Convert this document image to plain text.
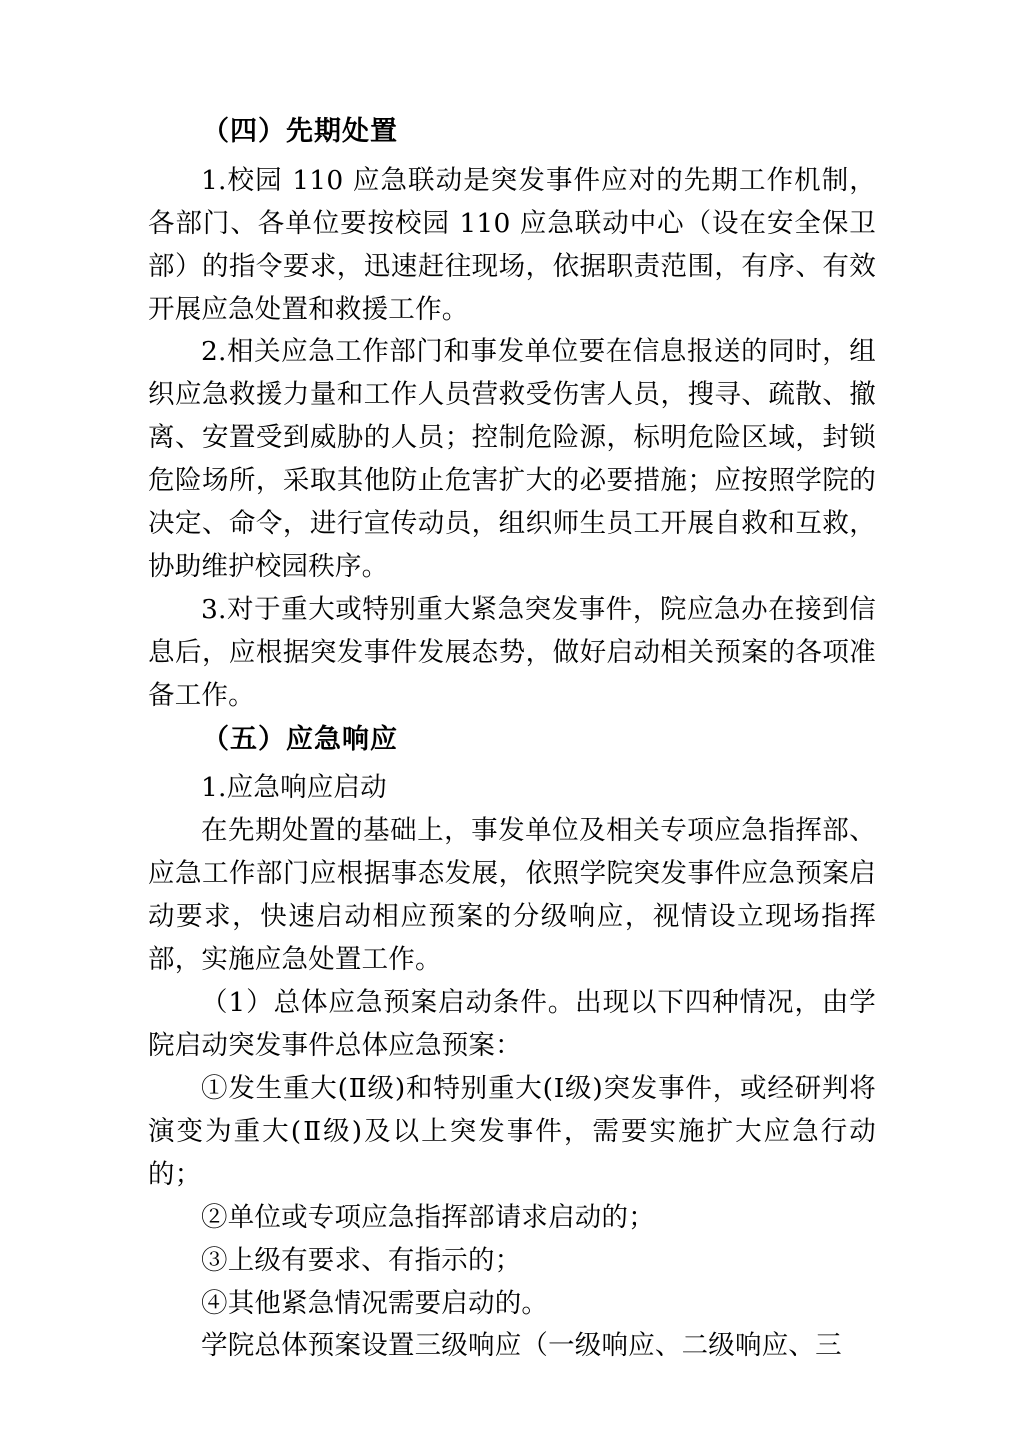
（四）先期处置

1.校园 110 应急联动是突发事件应对的先期工作机制，各部门、各单位要按校园 110 应急联动中心（设在安全保卫部）的指令要求，迅速赶往现场，依据职责范围，有序、有效开展应急处置和救援工作。

2.相关应急工作部门和事发单位要在信息报送的同时，组织应急救援力量和工作人员营救受伤害人员，搜寻、疏散、撤离、安置受到威胁的人员；控制危险源，标明危险区域，封锁危险场所，采取其他防止危害扩大的必要措施；应按照学院的决定、命令，进行宣传动员，组织师生员工开展自救和互救，协助维护校园秩序。

3.对于重大或特别重大紧急突发事件，院应急办在接到信息后，应根据突发事件发展态势，做好启动相关预案的各项准备工作。

（五）应急响应

1.应急响应启动

在先期处置的基础上，事发单位及相关专项应急指挥部、应急工作部门应根据事态发展，依照学院突发事件应急预案启动要求，快速启动相应预案的分级响应，视情设立现场指挥部，实施应急处置工作。

（1）总体应急预案启动条件。出现以下四种情况，由学院启动突发事件总体应急预案：

①发生重大(Ⅱ级)和特别重大(Ⅰ级)突发事件，或经研判将演变为重大(Ⅱ级)及以上突发事件，需要实施扩大应急行动的；

②单位或专项应急指挥部请求启动的；

③上级有要求、有指示的；

④其他紧急情况需要启动的。

学院总体预案设置三级响应（一级响应、二级响应、三
